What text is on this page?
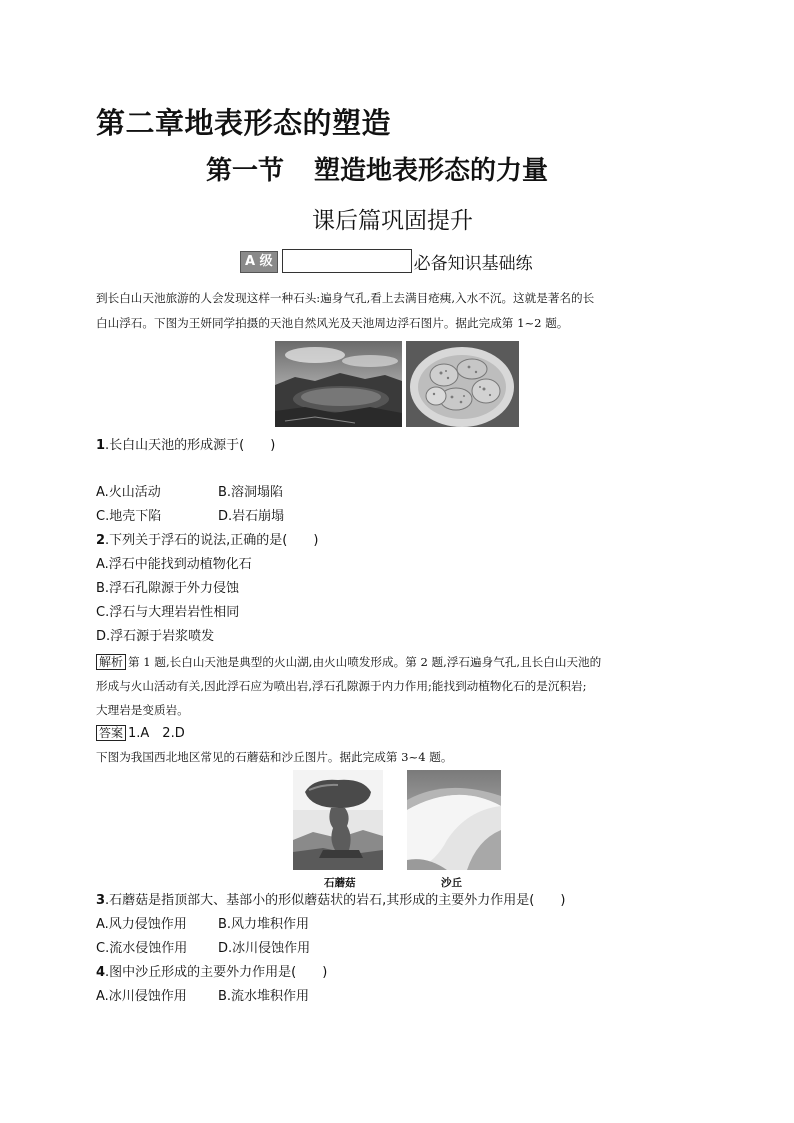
第二章地表形态的塑造
第一节 塑造地表形态的力量
课后篇巩固提升
A 级	必备知识基础练
到长白山天池旅游的人会发现这样一种石头:遍身气孔,看上去满目疮痍,入水不沉。这就是著名的长
白山浮石。下图为王妍同学拍摄的天池自然风光及天池周边浮石图片。据此完成第 1~2 题。
1.长白山天池的形成源于(　　)
A.火山活动	B.溶洞塌陷
C.地壳下陷	D.岩石崩塌
2.下列关于浮石的说法,正确的是(　　)
A.浮石中能找到动植物化石
B.浮石孔隙源于外力侵蚀
C.浮石与大理岩岩性相同
D.浮石源于岩浆喷发
解析 第 1 题,长白山天池是典型的火山湖,由火山喷发形成。第 2 题,浮石遍身气孔,且长白山天池的
形成与火山活动有关,因此浮石应为喷出岩,浮石孔隙源于内力作用;能找到动植物化石的是沉积岩;
大理岩是变质岩。
答案 1.A　2.D
下图为我国西北地区常见的石蘑菇和沙丘图片。据此完成第 3~4 题。
石蘑菇	沙丘
3.石蘑菇是指顶部大、基部小的形似蘑菇状的岩石,其形成的主要外力作用是(　　)
A.风力侵蚀作用 B.风力堆积作用
C.流水侵蚀作用 D.冰川侵蚀作用
4.图中沙丘形成的主要外力作用是(　　)
A.冰川侵蚀作用 B.流水堆积作用
